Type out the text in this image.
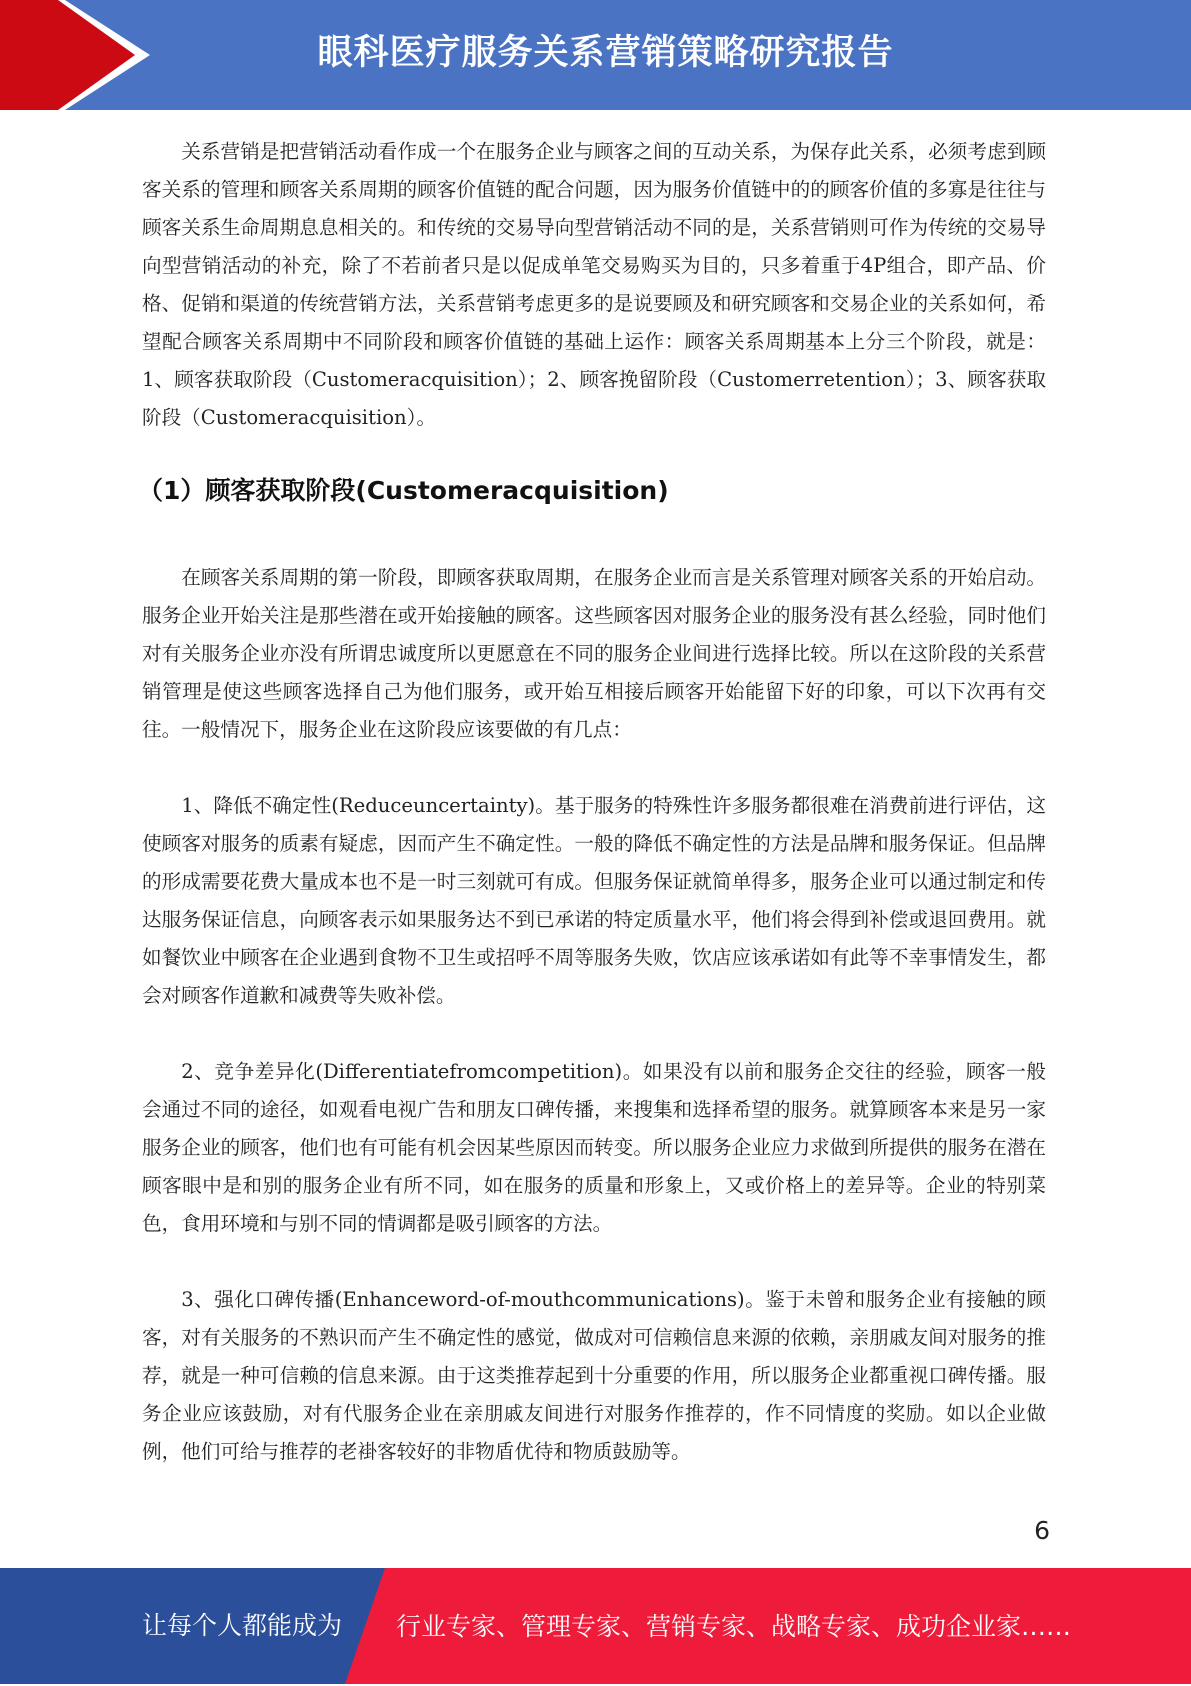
眼科医疗服务关系营销策略研究报告

关系营销是把营销活动看作成一个在服务企业与顾客之间的互动关系，为保存此关系，必须考虑到顾客关系的管理和顾客关系周期的顾客价值链的配合问题，因为服务价值链中的的顾客价值的多寡是往往与顾客关系生命周期息息相关的。和传统的交易导向型营销活动不同的是，关系营销则可作为传统的交易导向型营销活动的补充，除了不若前者只是以促成单笔交易购买为目的，只多着重于4P组合，即产品、价格、促销和渠道的传统营销方法，关系营销考虑更多的是说要顾及和研究顾客和交易企业的关系如何，希望配合顾客关系周期中不同阶段和顾客价值链的基础上运作：顾客关系周期基本上分三个阶段，就是：1、顾客获取阶段（Customeracquisition）；2、顾客挽留阶段（Customerretention）；3、顾客获取阶段（Customeracquisition）。

（1）顾客获取阶段(Customeracquisition)

在顾客关系周期的第一阶段，即顾客获取周期，在服务企业而言是关系管理对顾客关系的开始启动。服务企业开始关注是那些潜在或开始接触的顾客。这些顾客因对服务企业的服务没有甚么经验，同时他们对有关服务企业亦没有所谓忠诚度所以更愿意在不同的服务企业间进行选择比较。所以在这阶段的关系营销管理是使这些顾客选择自己为他们服务，或开始互相接后顾客开始能留下好的印象，可以下次再有交往。一般情况下，服务企业在这阶段应该要做的有几点：

1、降低不确定性(Reduceuncertainty)。基于服务的特殊性许多服务都很难在消费前进行评估，这使顾客对服务的质素有疑虑，因而产生不确定性。一般的降低不确定性的方法是品牌和服务保证。但品牌的形成需要花费大量成本也不是一时三刻就可有成。但服务保证就简单得多，服务企业可以通过制定和传达服务保证信息，向顾客表示如果服务达不到已承诺的特定质量水平，他们将会得到补偿或退回费用。就如餐饮业中顾客在企业遇到食物不卫生或招呼不周等服务失败，饮店应该承诺如有此等不幸事情发生，都会对顾客作道歉和减费等失败补偿。

2、竞争差异化(Differentiatefromcompetition)。如果没有以前和服务企交往的经验，顾客一般会通过不同的途径，如观看电视广告和朋友口碑传播，来搜集和选择希望的服务。就算顾客本来是另一家服务企业的顾客，他们也有可能有机会因某些原因而转变。所以服务企业应力求做到所提供的服务在潜在顾客眼中是和别的服务企业有所不同，如在服务的质量和形象上，又或价格上的差异等。企业的特别菜色，食用环境和与别不同的情调都是吸引顾客的方法。

3、强化口碑传播(Enhanceword-of-mouthcommunications)。鉴于未曾和服务企业有接触的顾客，对有关服务的不熟识而产生不确定性的感觉，做成对可信赖信息来源的依赖，亲朋戚友间对服务的推荐，就是一种可信赖的信息来源。由于这类推荐起到十分重要的作用，所以服务企业都重视口碑传播。服务企业应该鼓励，对有代服务企业在亲朋戚友间进行对服务作推荐的，作不同情度的奖励。如以企业做例，他们可给与推荐的老褂客较好的非物盾优待和物质鼓励等。

6
让每个人都能成为 行业专家、管理专家、营销专家、战略专家、成功企业家……
